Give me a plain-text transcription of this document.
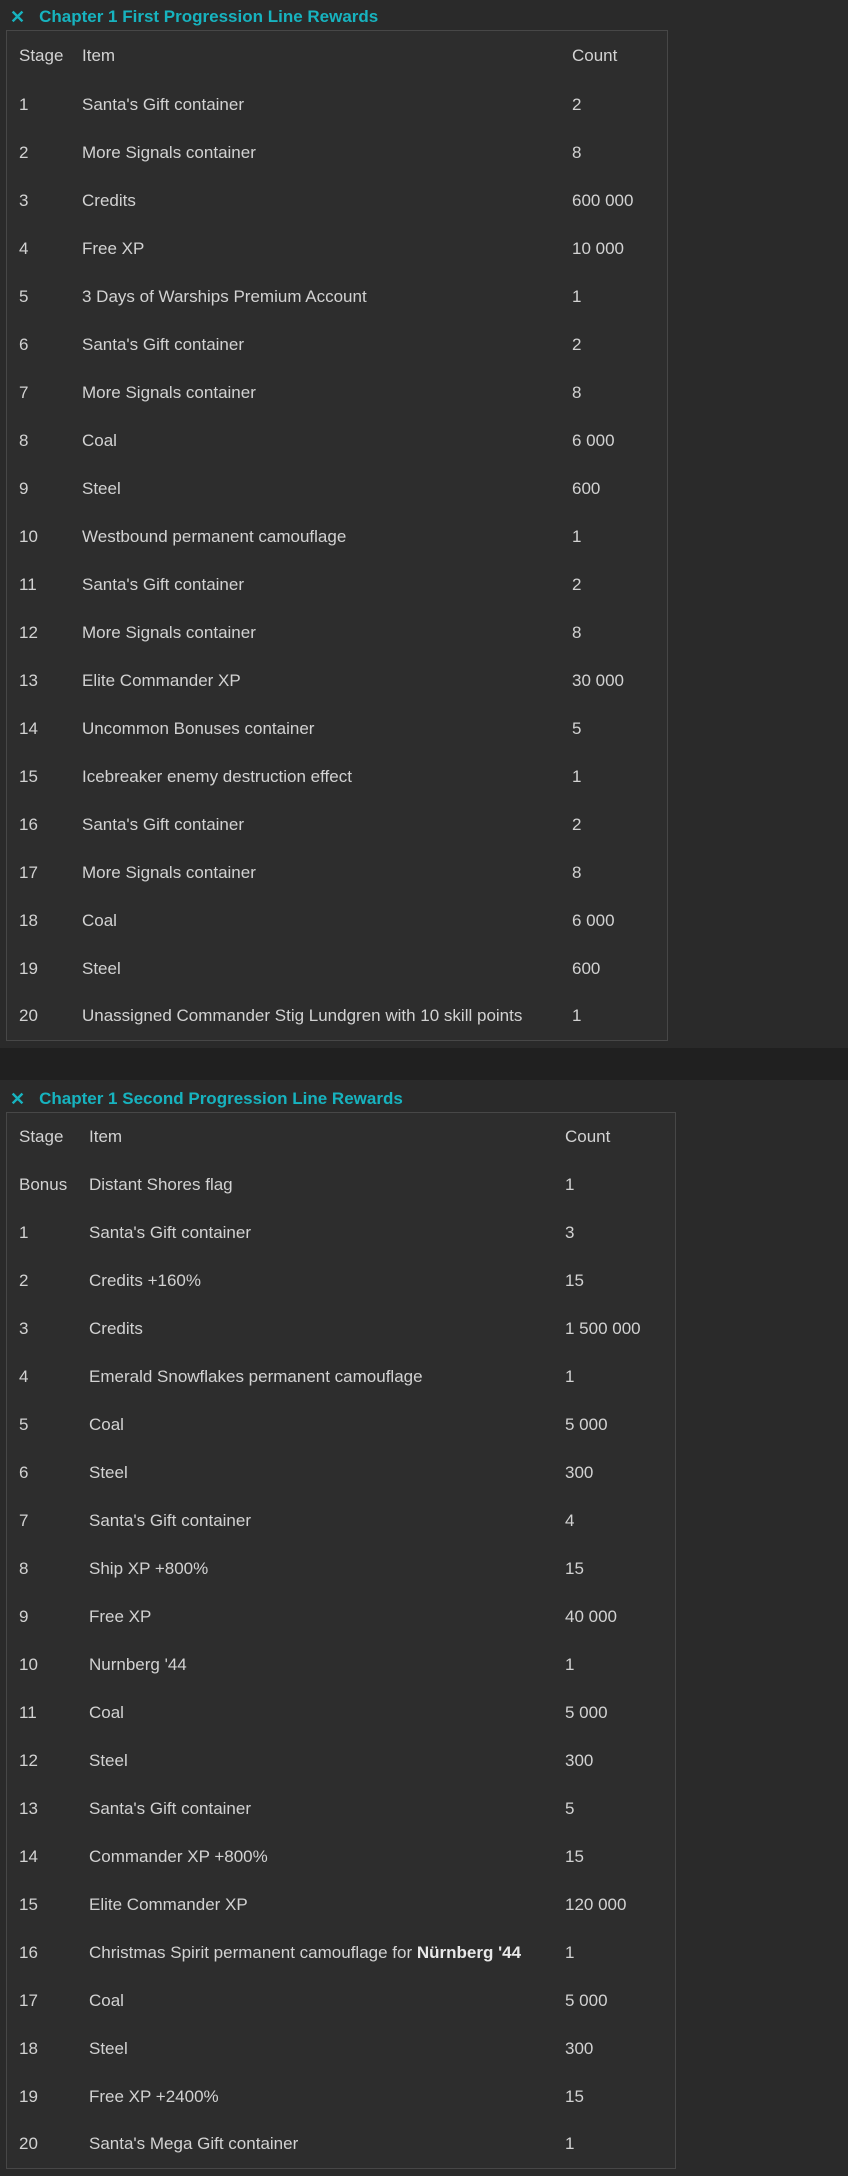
✕ Chapter 1 First Progression Line Rewards
Stage	Item	Count
1	Santa's Gift container	2
2	More Signals container	8
3	Credits	600 000
4	Free XP	10 000
5	3 Days of Warships Premium Account	1
6	Santa's Gift container	2
7	More Signals container	8
8	Coal	6 000
9	Steel	600
10	Westbound permanent camouflage	1
11	Santa's Gift container	2
12	More Signals container	8
13	Elite Commander XP	30 000
14	Uncommon Bonuses container	5
15	Icebreaker enemy destruction effect	1
16	Santa's Gift container	2
17	More Signals container	8
18	Coal	6 000
19	Steel	600
20	Unassigned Commander Stig Lundgren with 10 skill points	1
✕ Chapter 1 Second Progression Line Rewards
Stage	Item	Count
Bonus	Distant Shores flag	1
1	Santa's Gift container	3
2	Credits +160%	15
3	Credits	1 500 000
4	Emerald Snowflakes permanent camouflage	1
5	Coal	5 000
6	Steel	300
7	Santa's Gift container	4
8	Ship XP +800%	15
9	Free XP	40 000
10	Nurnberg '44	1
11	Coal	5 000
12	Steel	300
13	Santa's Gift container	5
14	Commander XP +800%	15
15	Elite Commander XP	120 000
16	Christmas Spirit permanent camouflage for Nürnberg '44	1
17	Coal	5 000
18	Steel	300
19	Free XP +2400%	15
20	Santa's Mega Gift container	1
